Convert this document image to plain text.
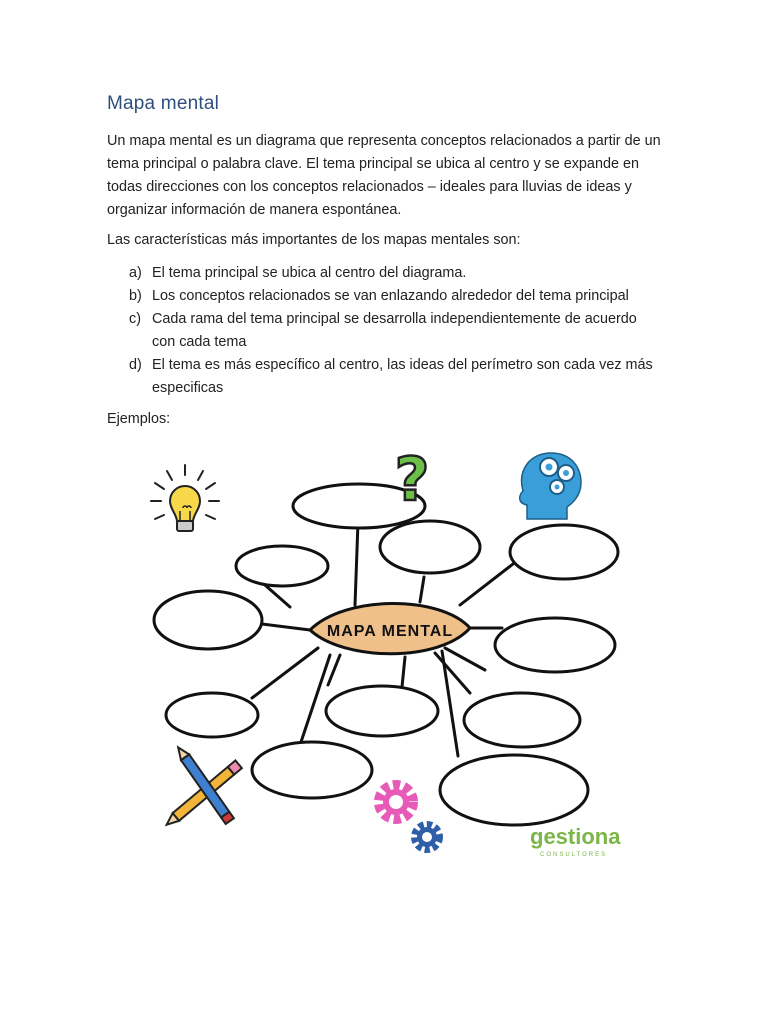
Mapa mental

Un mapa mental es un diagrama que representa conceptos relacionados a partir de un tema principal o palabra clave. El tema principal se ubica al centro y se expande en todas direcciones con los conceptos relacionados – ideales para lluvias de ideas y organizar información de manera espontánea.

Las características más importantes de los mapas mentales son:

a) El tema principal se ubica al centro del diagrama.
b) Los conceptos relacionados se van enlazando alrededor del tema principal
c) Cada rama del tema principal se desarrolla independientemente de acuerdo con cada tema
d) El tema es más específico al centro, las ideas del perímetro son cada vez más especificas

Ejemplos:

MAPA MENTAL
?
gestiona
CONSULTORES
